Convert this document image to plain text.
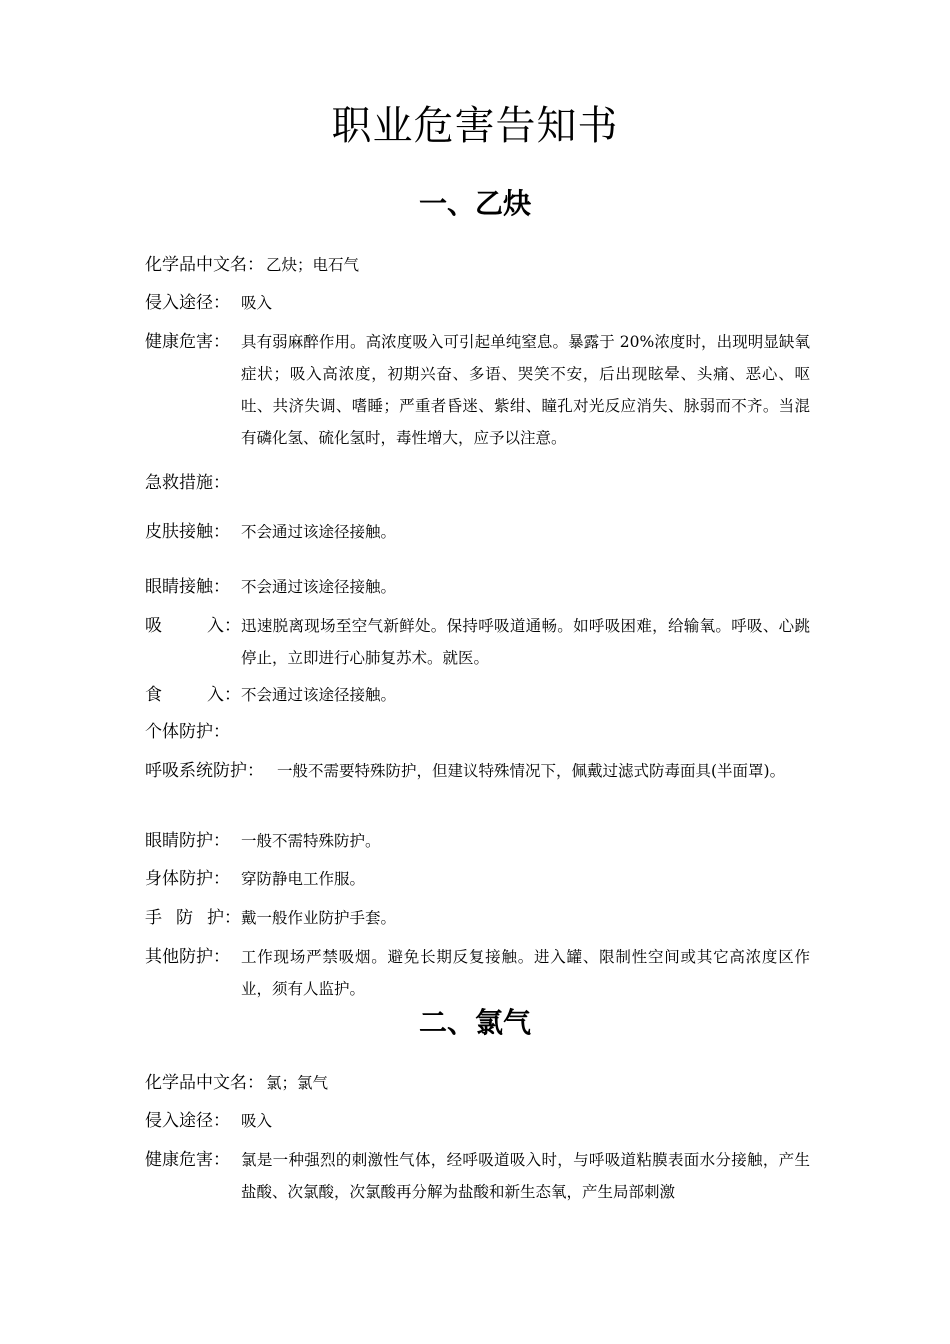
职业危害告知书
一、乙炔
化学品中文名： 乙炔；电石气
侵入途径： 吸入
健康危害： 具有弱麻醉作用。高浓度吸入可引起单纯窒息。暴露于 20%浓度时，出现明显缺氧症状；吸入高浓度，初期兴奋、多语、哭笑不安，后出现眩晕、头痛、恶心、呕吐、共济失调、嗜睡；严重者昏迷、紫绀、瞳孔对光反应消失、脉弱而不齐。当混有磷化氢、硫化氢时，毒性增大，应予以注意。
急救措施：
皮肤接触： 不会通过该途径接触。
眼睛接触： 不会通过该途径接触。
吸	入： 迅速脱离现场至空气新鲜处。保持呼吸道通畅。如呼吸困难，给输氧。呼吸、心跳停止，立即进行心肺复苏术。就医。
食	入： 不会通过该途径接触。
个体防护：
呼吸系统防护： 一般不需要特殊防护，但建议特殊情况下，佩戴过滤式防毒面具(半面罩)。
眼睛防护： 一般不需特殊防护。
身体防护： 穿防静电工作服。
手 防 护： 戴一般作业防护手套。
其他防护： 工作现场严禁吸烟。避免长期反复接触。进入罐、限制性空间或其它高浓度区作业，须有人监护。
二、氯气
化学品中文名： 氯；氯气
侵入途径： 吸入
健康危害： 氯是一种强烈的刺激性气体，经呼吸道吸入时，与呼吸道粘膜表面水分接触，产生盐酸、次氯酸，次氯酸再分解为盐酸和新生态氧，产生局部刺激
